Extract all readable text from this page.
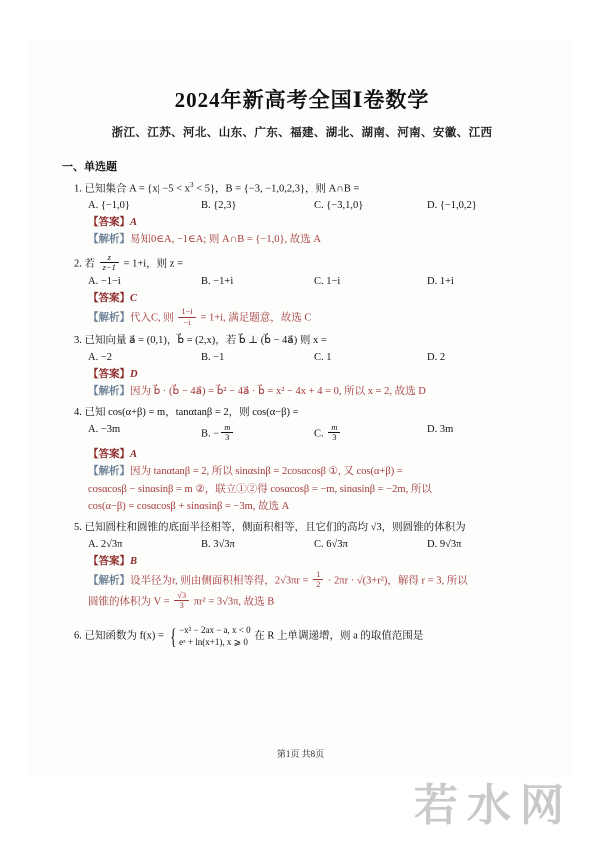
2024年新高考全国Ⅰ卷数学
浙江、江苏、河北、山东、广东、福建、湖北、湖南、河南、安徽、江西
一、单选题
1. 已知集合 $A = \{x| -5 < x^3 < 5\}$，B = {−3, −1,0,2,3}，则 A∩B =
A. {−1,0}	B. {2,3}	C. {−3,1,0}	D. {−1,0,2}
【答案】A
【解析】易知0∈A, −1∈A; 则 A∩B = {−1,0}, 故选 A
2. 若 $\frac{z}{z-1} = 1+i$，则 z =
A. −1−i	B. −1+i	C. 1−i	D. 1+i
【答案】C
【解析】代入C, 则 $\frac{1-i}{-i} = 1+i$, 满足题意，故选 C
3. 已知向量 a⃗ = (0,1)，b⃗ = (2,x)，若 b⃗ ⊥ (b⃗ − 4a⃗) 则 x =
A. −2	B. −1	C. 1	D. 2
【答案】D
【解析】因为 b⃗ · (b⃗ − 4a⃗) = b⃗² − 4a⃗ · b⃗ = x² − 4x + 4 = 0, 所以 x = 2, 故选 D
4. 已知 cos(α+β) = m，tanαtanβ = 2，则 cos(α−β) =
A. −3m	B. − $\frac{m}{3}$	C. $\frac{m}{3}$	D. 3m
【答案】A
【解析】因为 tanαtanβ = 2, 所以 sinαsinβ = 2cosαcosβ ①, 又 cos(α+β) =
cosαcosβ − sinαsinβ = m ②，联立①②得 cosαcosβ = −m, sinαsinβ = −2m, 所以
cos(α−β) = cosαcosβ + sinαsinβ = −3m, 故选 A
5. 已知圆柱和圆锥的底面半径相等，侧面积相等，且它们的高均 √3，则圆锥的体积为
A. 2√3π	B. 3√3π	C. 6√3π	D. 9√3π
【答案】B
【解析】设半径为r, 则由侧面积相等得，$2√3\pi r = \frac{1}{2} \cdot 2\pi r \cdot √(3+r^2)$，解得 r = 3, 所以
圆锥的体积为 $V = \frac{√3}{3} \pi r^2 = 3√3\pi$, 故选 B
6. 已知函数为 f(x) = { −x² − 2ax − a, x < 0
eˣ + ln(x+1), x ⩾ 0 在 R 上单调递增，则 a 的取值范围是
第1页 共8页
若水网
·
